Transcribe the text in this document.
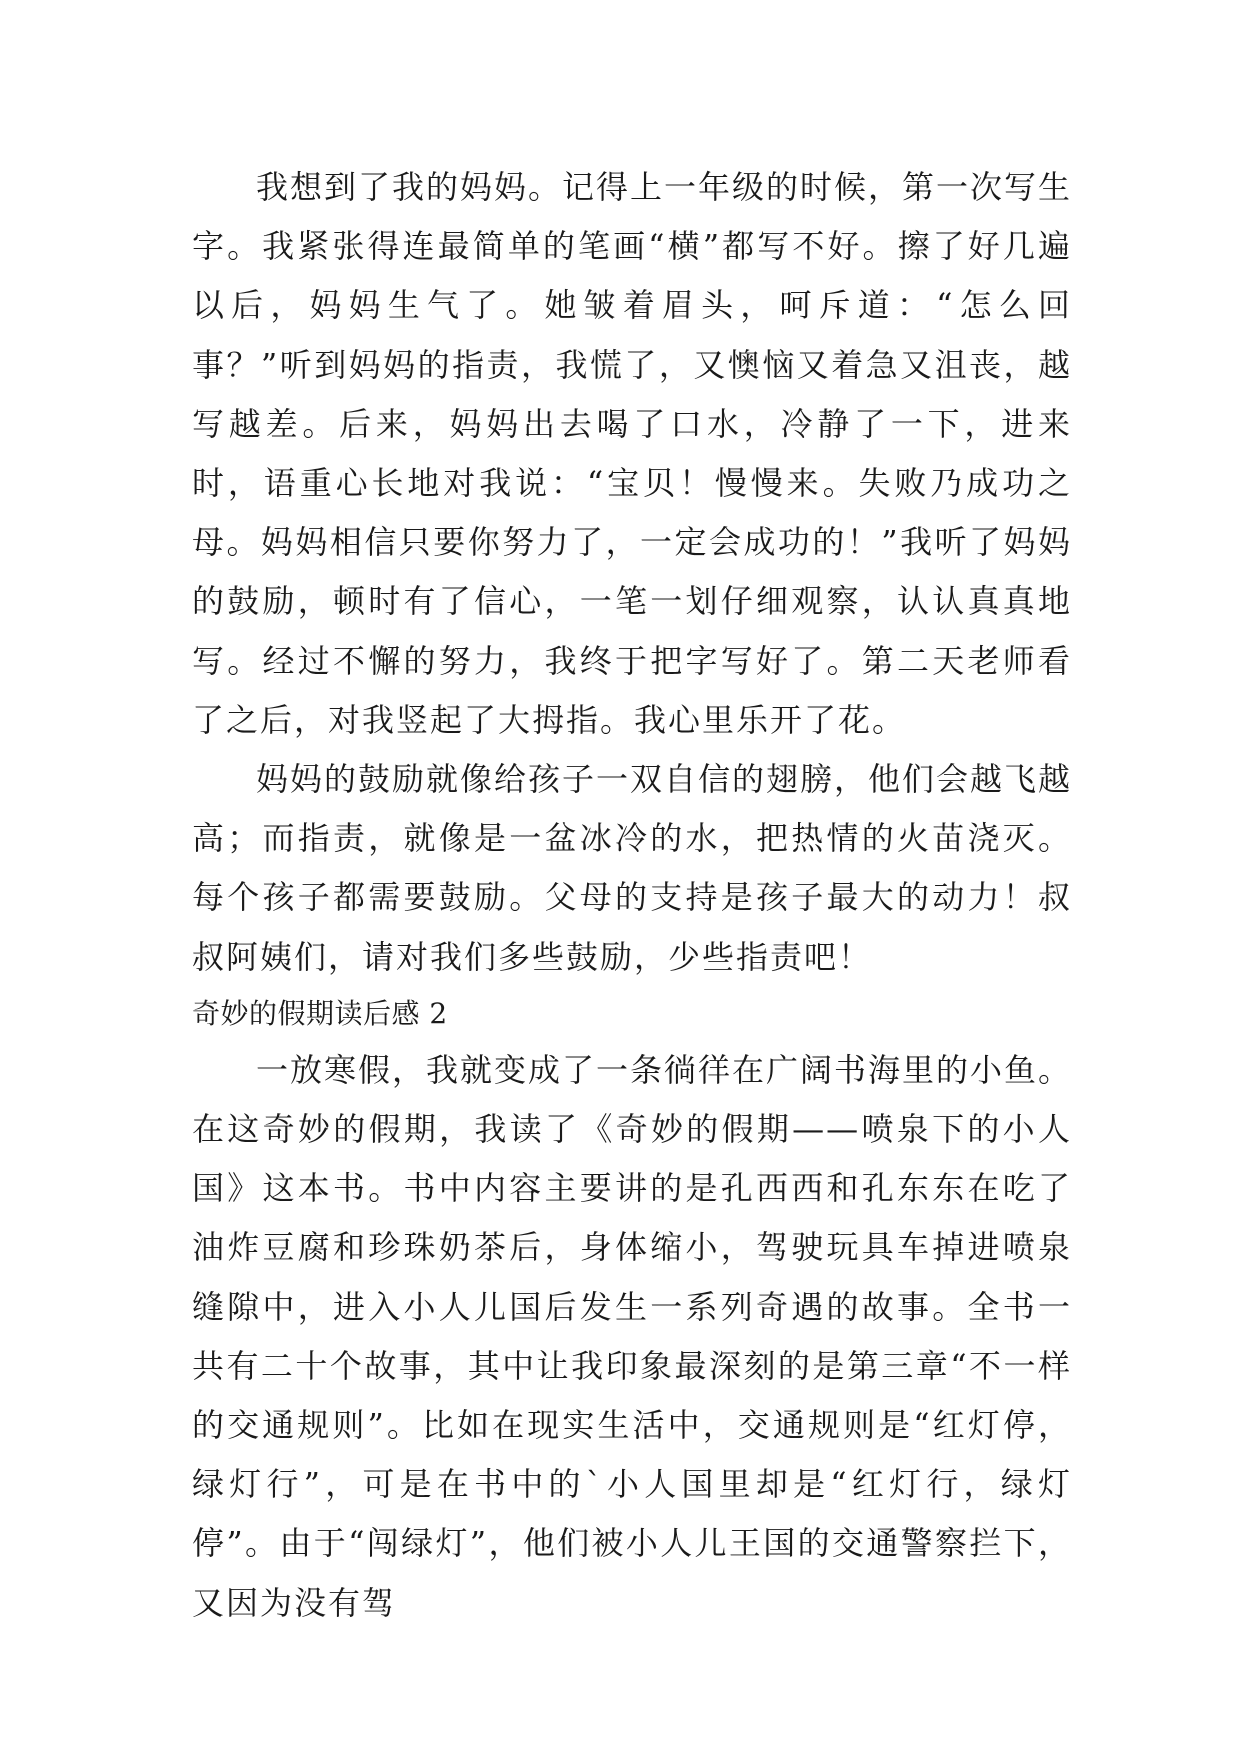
我想到了我的妈妈。记得上一年级的时候，第一次写生字。我紧张得连最简单的笔画“横”都写不好。擦了好几遍以后，妈妈生气了。她皱着眉头，呵斥道：“怎么回事？”听到妈妈的指责，我慌了，又懊恼又着急又沮丧，越写越差。后来，妈妈出去喝了口水，冷静了一下，进来时，语重心长地对我说：“宝贝！慢慢来。失败乃成功之母。妈妈相信只要你努力了，一定会成功的！”我听了妈妈的鼓励，顿时有了信心，一笔一划仔细观察，认认真真地写。经过不懈的努力，我终于把字写好了。第二天老师看了之后，对我竖起了大拇指。我心里乐开了花。

妈妈的鼓励就像给孩子一双自信的翅膀，他们会越飞越高；而指责，就像是一盆冰冷的水，把热情的火苗浇灭。每个孩子都需要鼓励。父母的支持是孩子最大的动力！叔叔阿姨们，请对我们多些鼓励，少些指责吧！

奇妙的假期读后感 2

一放寒假，我就变成了一条徜徉在广阔书海里的小鱼。在这奇妙的假期，我读了《奇妙的假期——喷泉下的小人国》这本书。书中内容主要讲的是孔西西和孔东东在吃了油炸豆腐和珍珠奶茶后，身体缩小，驾驶玩具车掉进喷泉缝隙中，进入小人儿国后发生一系列奇遇的故事。全书一共有二十个故事，其中让我印象最深刻的是第三章“不一样的交通规则”。比如在现实生活中，交通规则是“红灯停，绿灯行”，可是在书中的`小人国里却是“红灯行，绿灯停”。由于“闯绿灯”，他们被小人儿王国的交通警察拦下，又因为没有驾
